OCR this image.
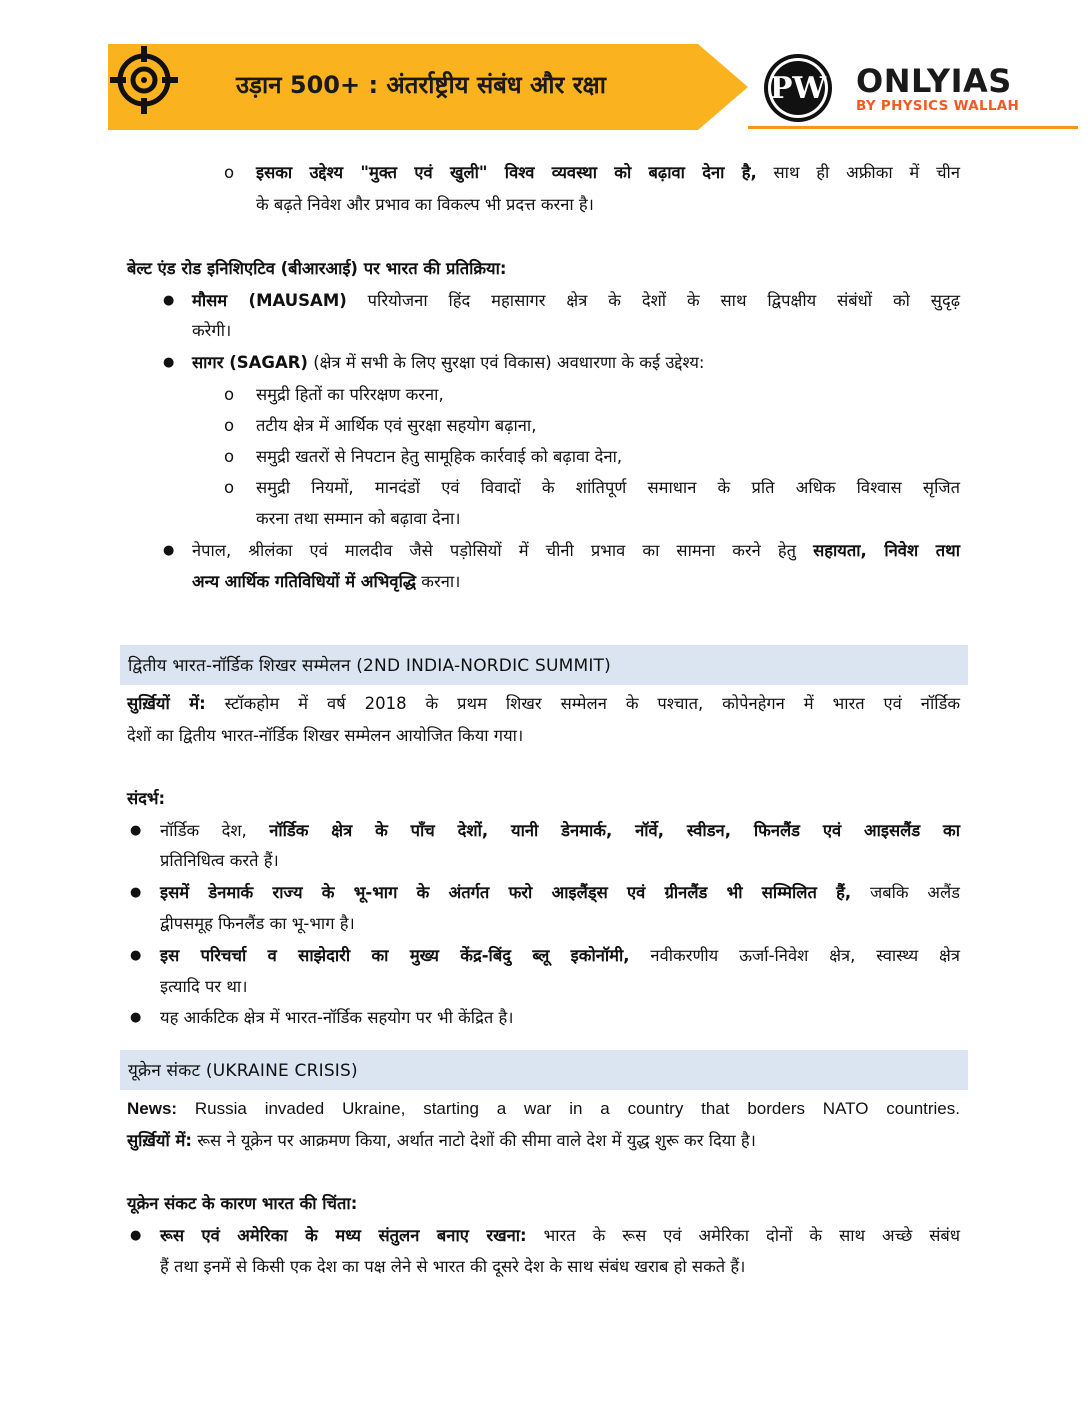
उड़ान 500+ : अंतर्राष्ट्रीय संबंध और रक्षा	PW ONLYIAS
BY PHYSICS WALLAH
o इसका उद्देश्य "मुक्त एवं खुली" विश्व व्यवस्था को बढ़ावा देना है, साथ ही अफ्रीका में चीन

के बढ़ते निवेश और प्रभाव का विकल्प भी प्रदत्त करना है।

बेल्ट एंड रोड इनिशिएटिव (बीआरआई) पर भारत की प्रतिक्रिया:

● मौसम (MAUSAM) परियोजना हिंद महासागर क्षेत्र के देशों के साथ द्विपक्षीय संबंधों को सुदृढ़

करेगी।

● सागर (SAGAR) (क्षेत्र में सभी के लिए सुरक्षा एवं विकास) अवधारणा के कई उद्देश्य:

o समुद्री हितों का परिरक्षण करना,

o तटीय क्षेत्र में आर्थिक एवं सुरक्षा सहयोग बढ़ाना,

o समुद्री खतरों से निपटान हेतु सामूहिक कार्रवाई को बढ़ावा देना,

o समुद्री नियमों, मानदंडों एवं विवादों के शांतिपूर्ण समाधान के प्रति अधिक विश्वास सृजित

करना तथा सम्मान को बढ़ावा देना।

● नेपाल, श्रीलंका एवं मालदीव जैसे पड़ोसियों में चीनी प्रभाव का सामना करने हेतु सहायता, निवेश तथा

अन्य आर्थिक गतिविधियों में अभिवृद्धि करना।

द्वितीय भारत-नॉर्डिक शिखर सम्मेलन (2ND INDIA-NORDIC SUMMIT)

सुर्ख़ियों में: स्टॉकहोम में वर्ष 2018 के प्रथम शिखर सम्मेलन के पश्चात, कोपेनहेगन में भारत एवं नॉर्डिक

देशों का द्वितीय भारत-नॉर्डिक शिखर सम्मेलन आयोजित किया गया।

संदर्भ:

● नॉर्डिक देश, नॉर्डिक क्षेत्र के पाँच देशों, यानी डेनमार्क, नॉर्वे, स्वीडन, फिनलैंड एवं आइसलैंड का

प्रतिनिधित्व करते हैं।

● इसमें डेनमार्क राज्य के भू-भाग के अंतर्गत फरो आइलैंड्स एवं ग्रीनलैंड भी सम्मिलित हैं, जबकि अलैंड

द्वीपसमूह फिनलैंड का भू-भाग है।

● इस परिचर्चा व साझेदारी का मुख्य केंद्र-बिंदु ब्लू इकोनॉमी, नवीकरणीय ऊर्जा-निवेश क्षेत्र, स्वास्थ्य क्षेत्र

इत्यादि पर था।

● यह आर्कटिक क्षेत्र में भारत-नॉर्डिक सहयोग पर भी केंद्रित है।

यूक्रेन संकट (UKRAINE CRISIS)

News: Russia invaded Ukraine, starting a war in a country that borders NATO countries.

सुर्ख़ियों में: रूस ने यूक्रेन पर आक्रमण किया, अर्थात नाटो देशों की सीमा वाले देश में युद्ध शुरू कर दिया है।

यूक्रेन संकट के कारण भारत की चिंता:

● रूस एवं अमेरिका के मध्य संतुलन बनाए रखना: भारत के रूस एवं अमेरिका दोनों के साथ अच्छे संबंध

हैं तथा इनमें से किसी एक देश का पक्ष लेने से भारत की दूसरे देश के साथ संबंध खराब हो सकते हैं।
